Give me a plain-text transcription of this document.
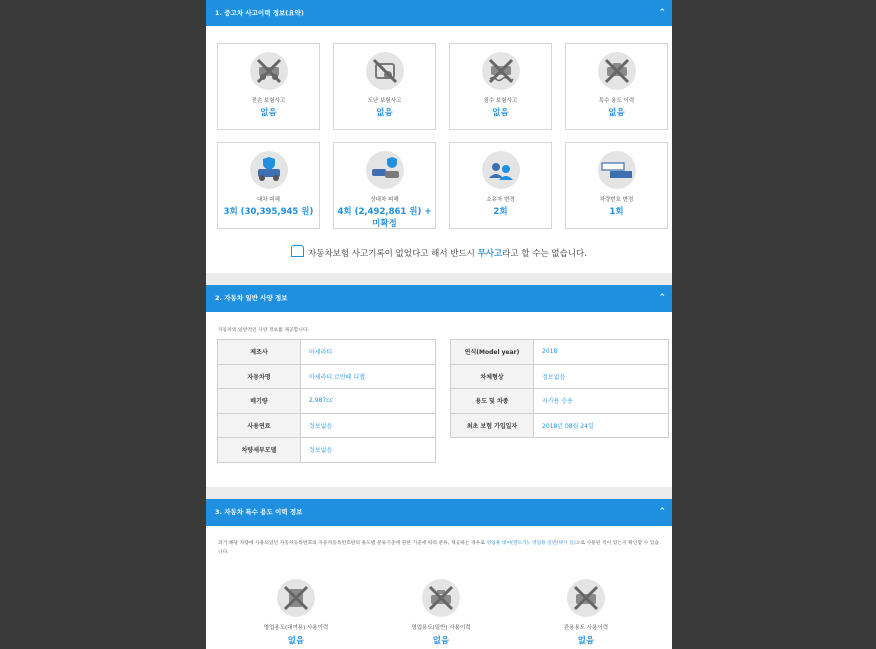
1. 중고차 사고이력 정보(요약)	⌃
전손 보험사고
없음
도난 보험사고
없음
침수 보험사고
없음
특수 용도 이력
없음
내차 피해
3회 (30,395,945 원)
상대차 피해
4회 (2,492,861 원) + 미확정
소유자 변경
2회
차량번호 변경
1회
자동차보험 사고기록이 없었다고 해서 반드시 무사고라고 할 수는 없습니다.
2. 자동차 일반 사양 정보	⌃
자동차의 일반적인 사양 정보를 제공합니다.
제조사	마세라티
자동차명	마세라티 르반떼 디젤
배기량	2,987cc
사용연료	정보없음
차량세부모델	정보없음
연식(Model year)	2018
차체형상	정보없음
용도 및 차종	자가용 승용
최초 보험 가입일자	2018년 08월 24일
3. 자동차 특수 용도 이력 정보	⌃
과거 해당 차량에 사용되었던 자동차등록번호의 자동차등록번호판의 용도별 분류기준에 관한 기준에 따라 분류, 제공하는 경우로 영업용 대여(렌트카), 영업용 일반(택시 등)으로 사용된 적이 있는지 확인할 수 있습니다.
영업용도(대여용) 사용이력
없음
영업용도(일반) 사용이력
없음
관용용도 사용이력
없음
